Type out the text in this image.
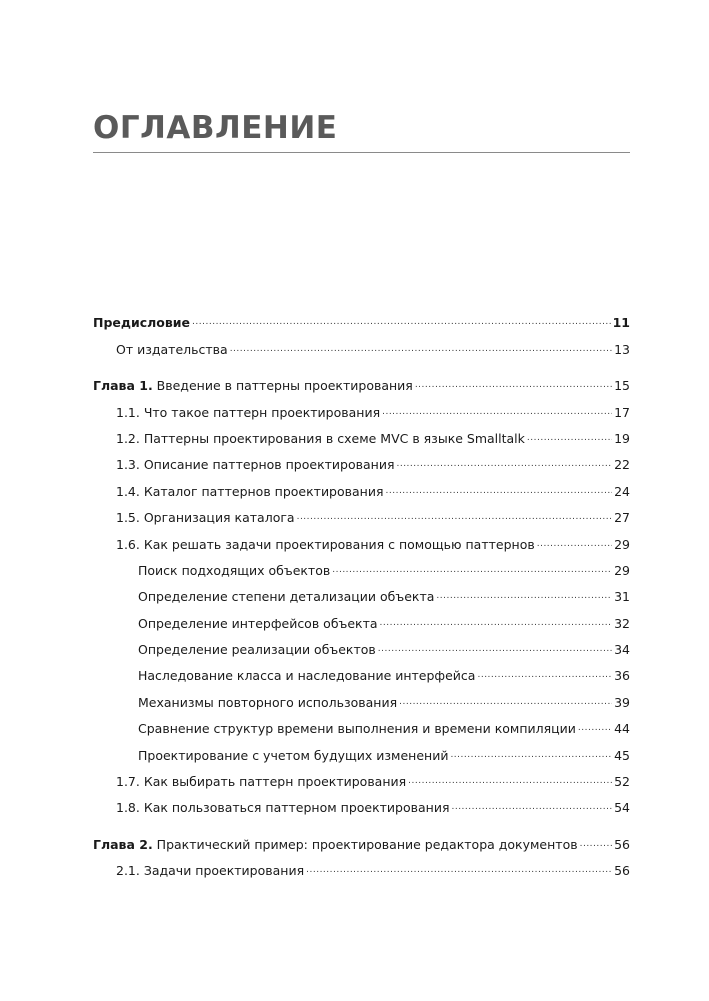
ОГЛАВЛЕНИЕ
Предисловие .....	11
От издательства .....	13
Глава 1. Введение в паттерны проектирования .....	15
1.1. Что такое паттерн проектирования .....	17
1.2. Паттерны проектирования в схеме MVC в языке Smalltalk .....	19
1.3. Описание паттернов проектирования .....	22
1.4. Каталог паттернов проектирования .....	24
1.5. Организация каталога .....	27
1.6. Как решать задачи проектирования с помощью паттернов .....	29
Поиск подходящих объектов .....	29
Определение степени детализации объекта .....	31
Определение интерфейсов объекта .....	32
Определение реализации объектов .....	34
Наследование класса и наследование интерфейса .....	36
Механизмы повторного использования .....	39
Сравнение структур времени выполнения и времени компиляции .....	44
Проектирование с учетом будущих изменений .....	45
1.7. Как выбирать паттерн проектирования .....	52
1.8. Как пользоваться паттерном проектирования .....	54
Глава 2. Практический пример: проектирование редактора документов .....	56
2.1. Задачи проектирования .....	56
